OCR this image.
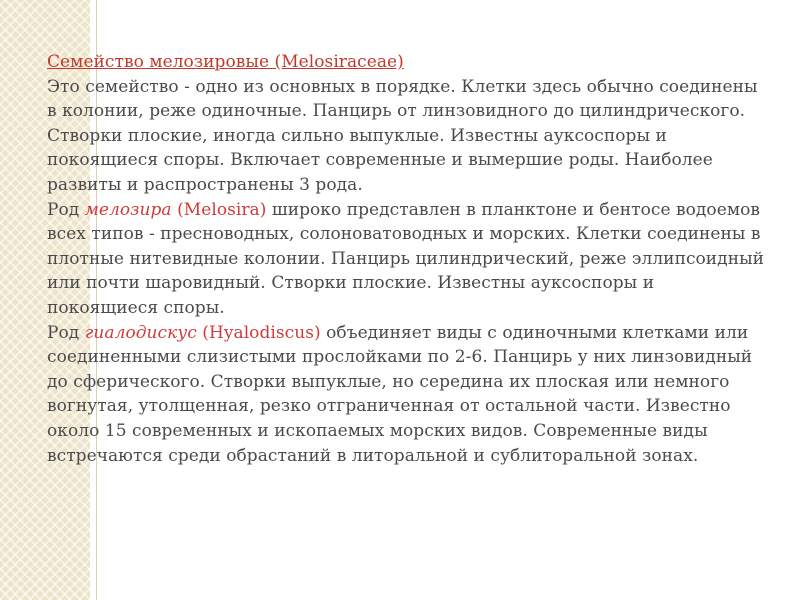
Семейство мелозировые (Melosiraceae)

Это семейство - одно из основных в порядке. Клетки здесь обычно соединены в колонии, реже одиночные. Панцирь от линзовидного до цилиндрического. Створки плоские, иногда сильно выпуклые. Известны ауксоспоры и покоящиеся споры. Включает современные и вымершие роды. Наиболее развиты и распространены 3 рода.

Род мелозира (Melosira) широко представлен в планктоне и бентосе водоемов всех типов - пресноводных, солоноватоводных и морских. Клетки соединены в плотные нитевидные колонии. Панцирь цилиндрический, реже эллипсоидный или почти шаровидный. Створки плоские. Известны ауксоспоры и покоящиеся споры.

Род гиалодискус (Hyalodiscus) объединяет виды с одиночными клетками или соединенными слизистыми прослойками по 2-6. Панцирь у них линзовидный до сферического. Створки выпуклые, но середина их плоская или немного вогнутая, утолщенная, резко отграниченная от остальной части. Известно около 15 современных и ископаемых морских видов. Современные виды встречаются среди обрастаний в литоральной и сублиторальной зонах.
